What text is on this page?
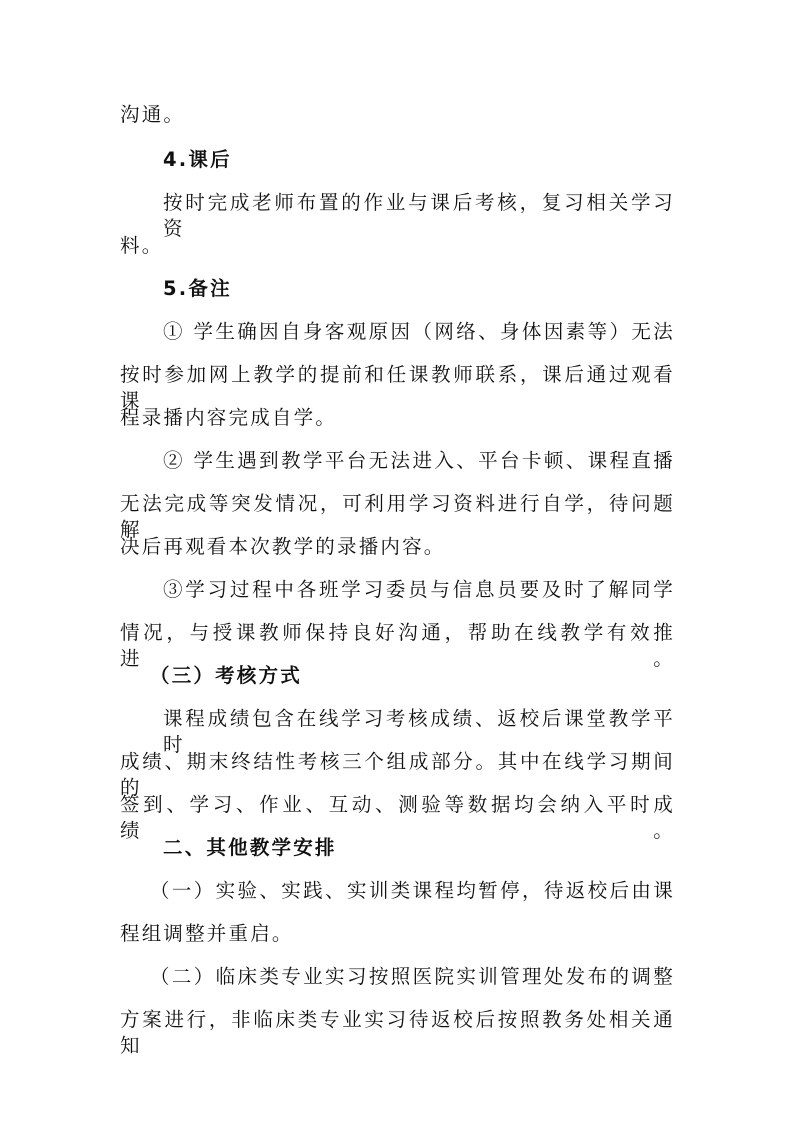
沟通。
4.课后
按时完成老师布置的作业与课后考核，复习相关学习资
料。
5.备注
① 学生确因自身客观原因（网络、身体因素等）无法
按时参加网上教学的提前和任课教师联系，课后通过观看课
程录播内容完成自学。
② 学生遇到教学平台无法进入、平台卡顿、课程直播
无法完成等突发情况，可利用学习资料进行自学，待问题解
决后再观看本次教学的录播内容。
③学习过程中各班学习委员与信息员要及时了解同学
情况，与授课教师保持良好沟通，帮助在线教学有效推进。
（三）考核方式
课程成绩包含在线学习考核成绩、返校后课堂教学平时
成绩、期末终结性考核三个组成部分。其中在线学习期间的
签到、学习、作业、互动、测验等数据均会纳入平时成绩。
二、其他教学安排
（一）实验、实践、实训类课程均暂停，待返校后由课
程组调整并重启。
（二）临床类专业实习按照医院实训管理处发布的调整
方案进行，非临床类专业实习待返校后按照教务处相关通知
